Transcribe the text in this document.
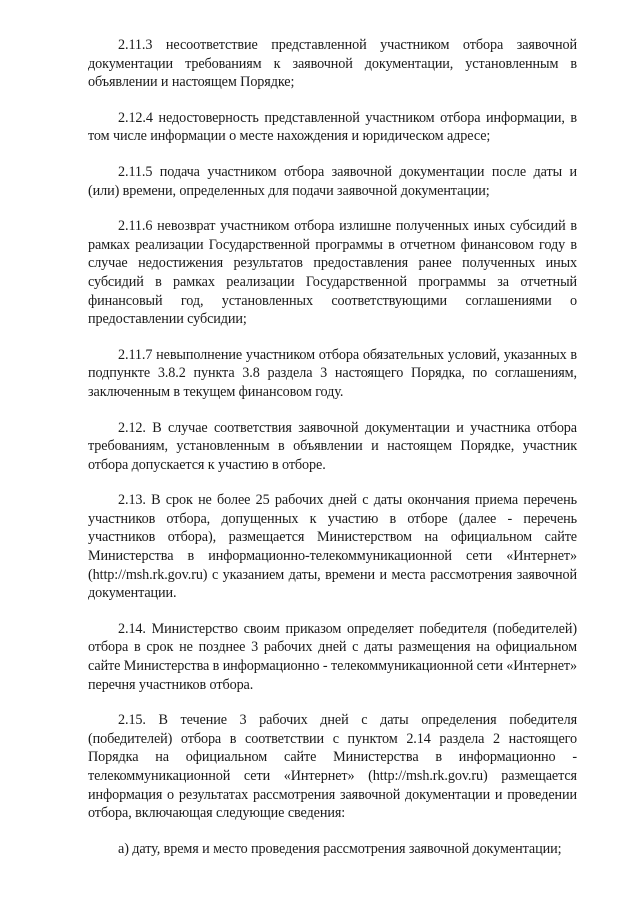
2.11.3 несоответствие представленной участником отбора заявочной документации требованиям к заявочной документации, установленным в объявлении и настоящем Порядке;

2.12.4 недостоверность представленной участником отбора информации, в том числе информации о месте нахождения и юридическом адресе;

2.11.5 подача участником отбора заявочной документации после даты и (или) времени, определенных для подачи заявочной документации;

2.11.6 невозврат участником отбора излишне полученных иных субсидий в рамках реализации Государственной программы в отчетном финансовом году в случае недостижения результатов предоставления ранее полученных иных субсидий в рамках реализации Государственной программы за отчетный финансовый год, установленных соответствующими соглашениями о предоставлении субсидии;

2.11.7 невыполнение участником отбора обязательных условий, указанных в подпункте 3.8.2 пункта 3.8 раздела 3 настоящего Порядка, по соглашениям, заключенным в текущем финансовом году.

2.12. В случае соответствия заявочной документации и участника отбора требованиям, установленным в объявлении и настоящем Порядке, участник отбора допускается к участию в отборе.

2.13. В срок не более 25 рабочих дней с даты окончания приема перечень участников отбора, допущенных к участию в отборе (далее - перечень участников отбора), размещается Министерством на официальном сайте Министерства в информационно-телекоммуникационной сети «Интернет» (http://msh.rk.gov.ru) с указанием даты, времени и места рассмотрения заявочной документации.

2.14. Министерство своим приказом определяет победителя (победителей) отбора в срок не позднее 3 рабочих дней с даты размещения на официальном сайте Министерства в информационно - телекоммуникационной сети «Интернет» перечня участников отбора.

2.15. В течение 3 рабочих дней с даты определения победителя (победителей) отбора в соответствии с пунктом 2.14 раздела 2 настоящего Порядка на официальном сайте Министерства в информационно - телекоммуникационной сети «Интернет» (http://msh.rk.gov.ru) размещается информация о результатах рассмотрения заявочной документации и проведении отбора, включающая следующие сведения:

а) дату, время и место проведения рассмотрения заявочной документации;
